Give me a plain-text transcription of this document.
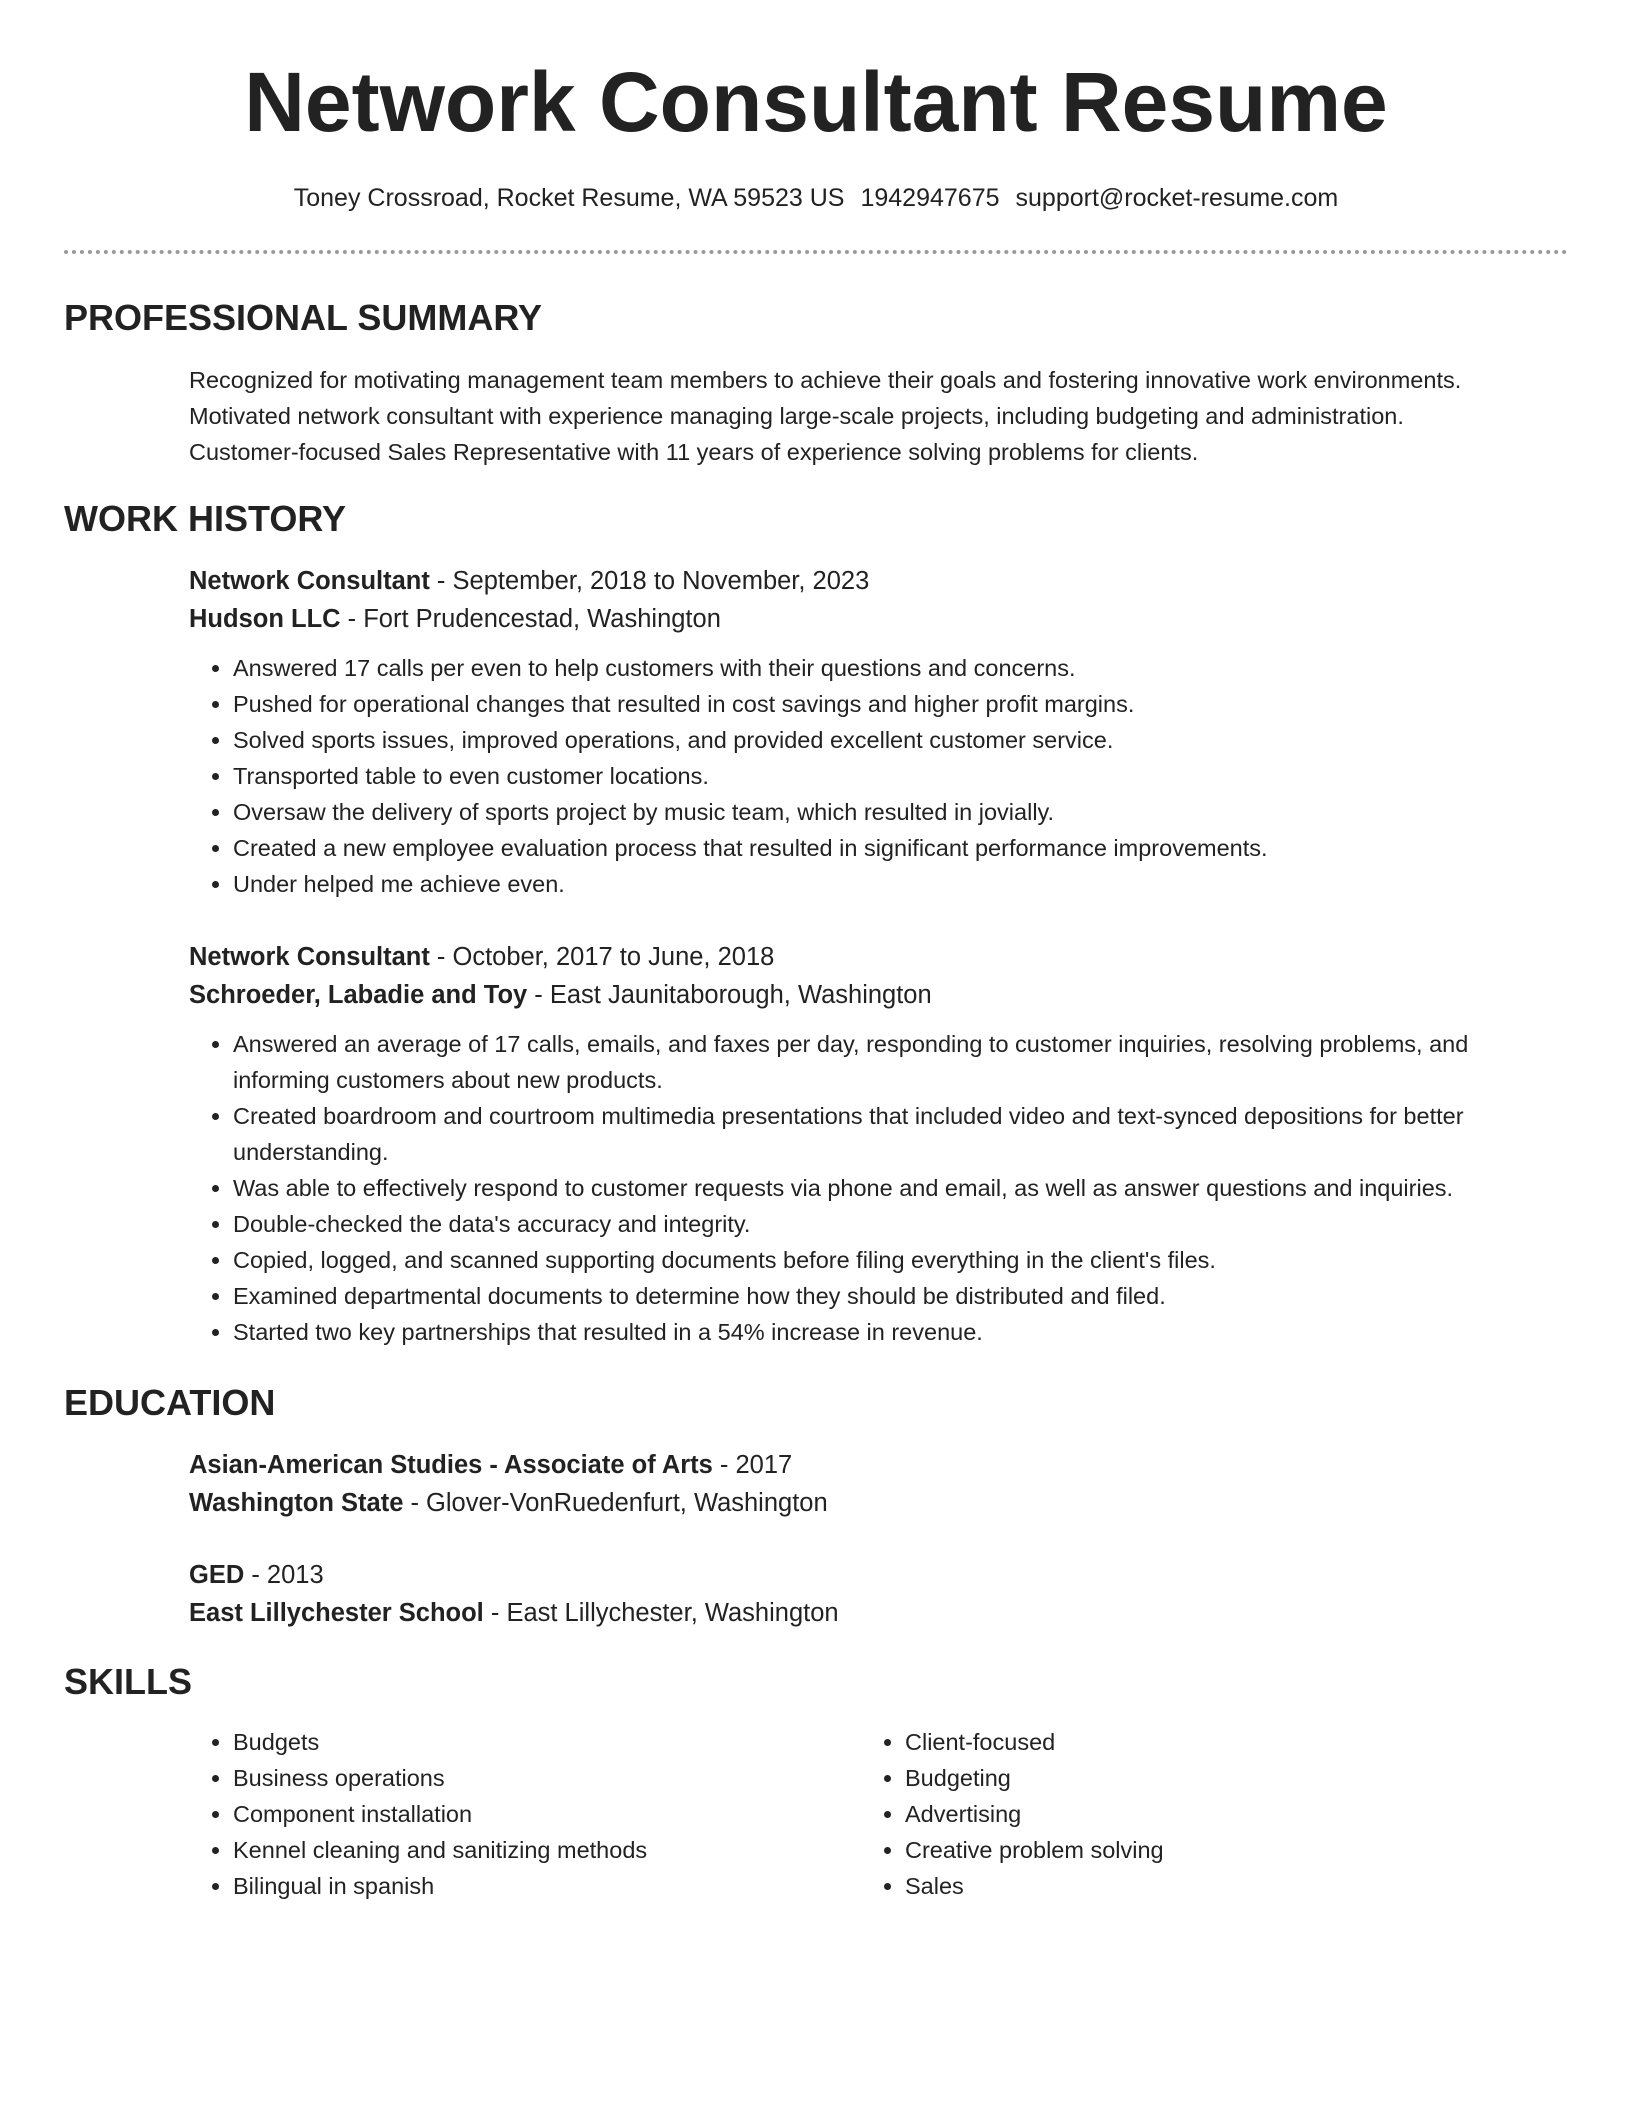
Network Consultant Resume
Toney Crossroad, Rocket Resume, WA 59523 US 1942947675 support@rocket-resume.com
PROFESSIONAL SUMMARY

Recognized for motivating management team members to achieve their goals and fostering innovative work environments.

Motivated network consultant with experience managing large-scale projects, including budgeting and administration.

Customer-focused Sales Representative with 11 years of experience solving problems for clients.

WORK HISTORY
Network Consultant - September, 2018 to November, 2023
Hudson LLC - Fort Prudencestad, Washington
• Answered 17 calls per even to help customers with their questions and concerns.
• Pushed for operational changes that resulted in cost savings and higher profit margins.
• Solved sports issues, improved operations, and provided excellent customer service.
• Transported table to even customer locations.
• Oversaw the delivery of sports project by music team, which resulted in jovially.
• Created a new employee evaluation process that resulted in significant performance improvements.
• Under helped me achieve even.
Network Consultant - October, 2017 to June, 2018
Schroeder, Labadie and Toy - East Jaunitaborough, Washington
• Answered an average of 17 calls, emails, and faxes per day, responding to customer inquiries, resolving problems, and informing customers about new products.
• Created boardroom and courtroom multimedia presentations that included video and text-synced depositions for better understanding.
• Was able to effectively respond to customer requests via phone and email, as well as answer questions and inquiries.
• Double-checked the data's accuracy and integrity.
• Copied, logged, and scanned supporting documents before filing everything in the client's files.
• Examined departmental documents to determine how they should be distributed and filed.
• Started two key partnerships that resulted in a 54% increase in revenue.
EDUCATION
Asian-American Studies - Associate of Arts - 2017
Washington State - Glover-VonRuedenfurt, Washington
GED - 2013
East Lillychester School - East Lillychester, Washington
SKILLS
• Budgets
• Business operations
• Component installation
• Kennel cleaning and sanitizing methods
• Bilingual in spanish
• Client-focused
• Budgeting
• Advertising
• Creative problem solving
• Sales
